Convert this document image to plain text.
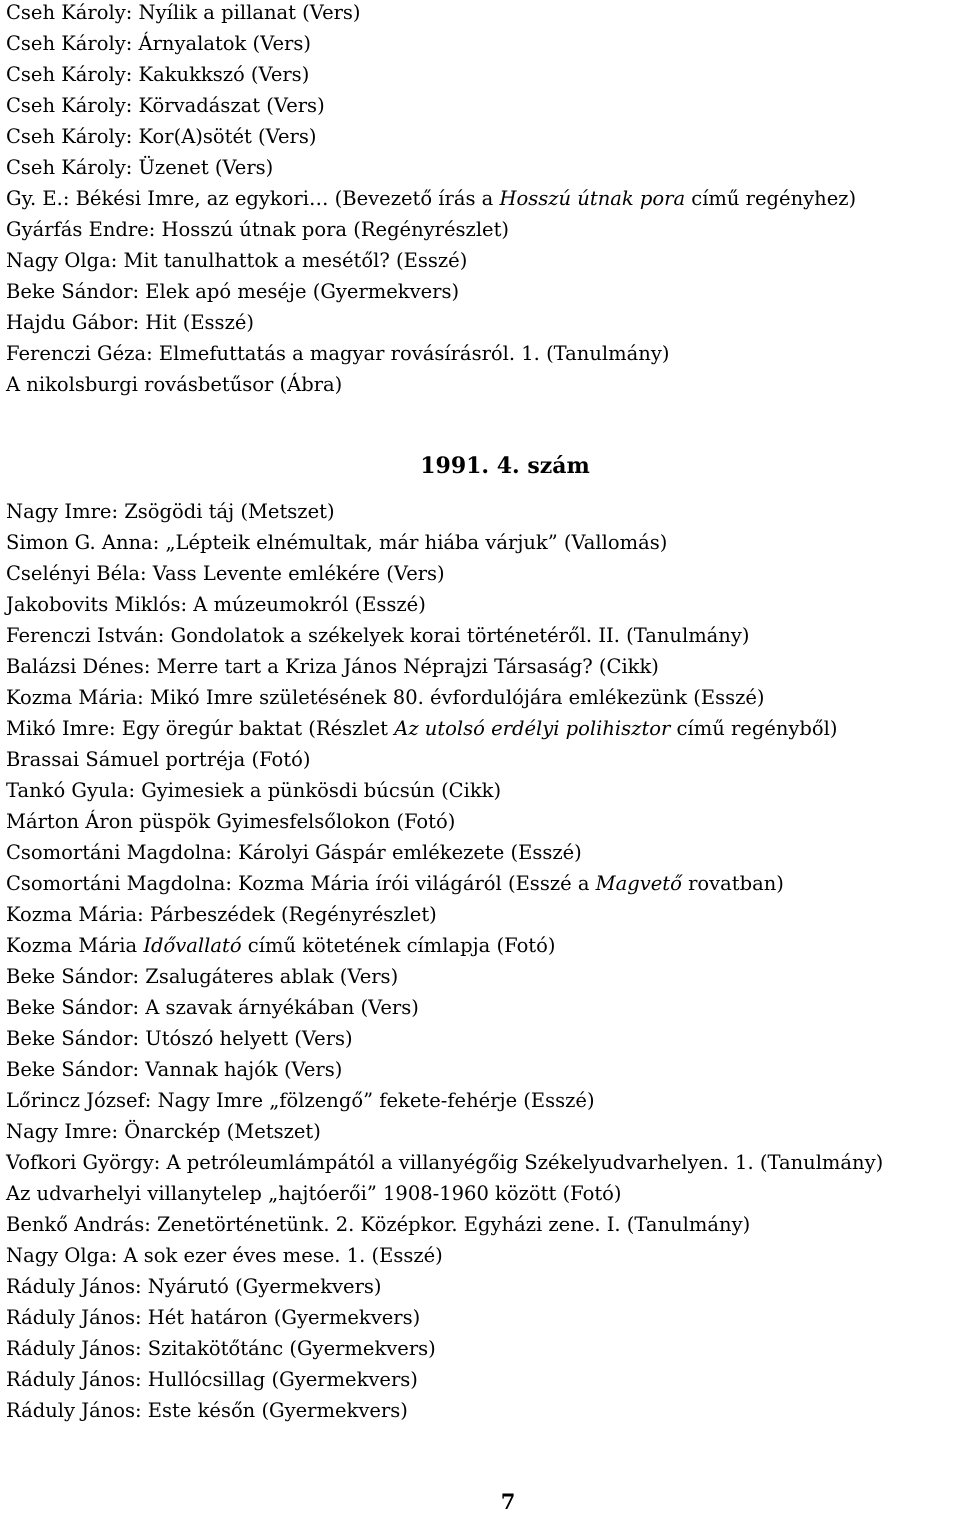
Cseh Károly: Nyílik a pillanat (Vers)
Cseh Károly: Árnyalatok (Vers)
Cseh Károly: Kakukkszó (Vers)
Cseh Károly: Körvadászat (Vers)
Cseh Károly: Kor(A)sötét (Vers)
Cseh Károly: Üzenet (Vers)
Gy. E.: Békési Imre, az egykori… (Bevezető írás a Hosszú útnak pora című regényhez)
Gyárfás Endre: Hosszú útnak pora (Regényrészlet)
Nagy Olga: Mit tanulhattok a mesétől? (Esszé)
Beke Sándor: Elek apó meséje (Gyermekvers)
Hajdu Gábor: Hit (Esszé)
Ferenczi Géza: Elmefuttatás a magyar rovásírásról. 1. (Tanulmány)
A nikolsburgi rovásbetűsor (Ábra)
1991. 4. szám
Nagy Imre: Zsögödi táj (Metszet)
Simon G. Anna: „Lépteik elnémultak, már hiába várjuk” (Vallomás)
Cselényi Béla: Vass Levente emlékére (Vers)
Jakobovits Miklós: A múzeumokról (Esszé)
Ferenczi István: Gondolatok a székelyek korai történetéről. II. (Tanulmány)
Balázsi Dénes: Merre tart a Kriza János Néprajzi Társaság? (Cikk)
Kozma Mária: Mikó Imre születésének 80. évfordulójára emlékezünk (Esszé)
Mikó Imre: Egy öregúr baktat (Részlet Az utolsó erdélyi polihisztor című regényből)
Brassai Sámuel portréja (Fotó)
Tankó Gyula: Gyimesiek a pünkösdi búcsún (Cikk)
Márton Áron püspök Gyimesfelsőlokon (Fotó)
Csomortáni Magdolna: Károlyi Gáspár emlékezete (Esszé)
Csomortáni Magdolna: Kozma Mária írói világáról (Esszé a Magvető rovatban)
Kozma Mária: Párbeszédek (Regényrészlet)
Kozma Mária Idővallató című kötetének címlapja (Fotó)
Beke Sándor: Zsalugáteres ablak (Vers)
Beke Sándor: A szavak árnyékában (Vers)
Beke Sándor: Utószó helyett (Vers)
Beke Sándor: Vannak hajók (Vers)
Lőrincz József: Nagy Imre „fölzengő” fekete-fehérje (Esszé)
Nagy Imre: Önarckép (Metszet)
Vofkori György: A petróleumlámpától a villanyégőig Székelyudvarhelyen. 1. (Tanulmány)
Az udvarhelyi villanytelep „hajtóerői” 1908-1960 között (Fotó)
Benkő András: Zenetörténetünk. 2. Középkor. Egyházi zene. I. (Tanulmány)
Nagy Olga: A sok ezer éves mese. 1. (Esszé)
Ráduly János: Nyárutó (Gyermekvers)
Ráduly János: Hét határon (Gyermekvers)
Ráduly János: Szitakötőtánc (Gyermekvers)
Ráduly János: Hullócsillag (Gyermekvers)
Ráduly János: Este későn (Gyermekvers)
7
